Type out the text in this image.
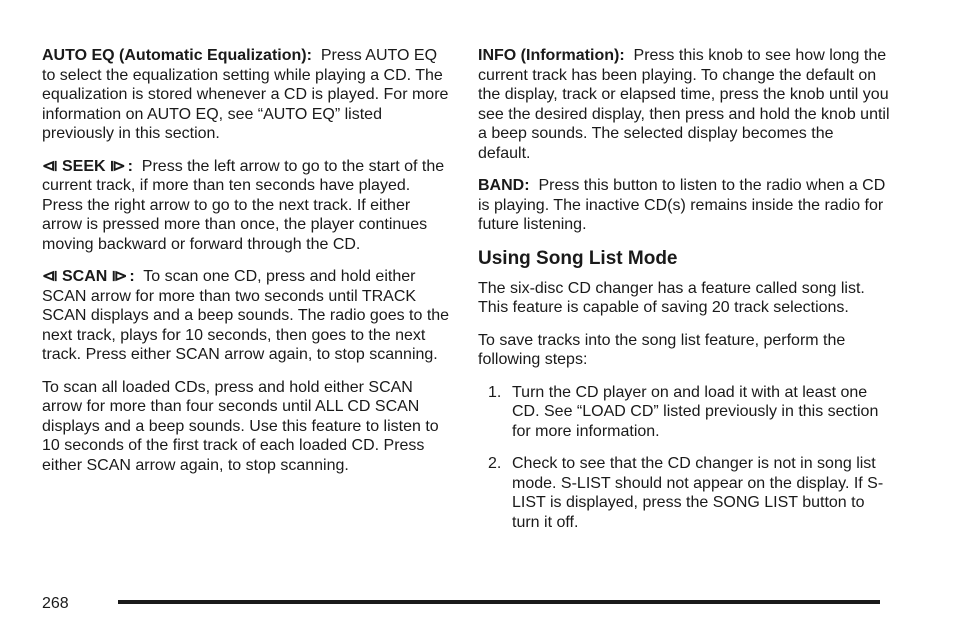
AUTO EQ (Automatic Equalization): Press AUTO EQ to select the equalization setting while playing a CD. The equalization is stored whenever a CD is played. For more information on AUTO EQ, see “AUTO EQ” listed previously in this section.

⧏ SEEK ⧐ : Press the left arrow to go to the start of the current track, if more than ten seconds have played. Press the right arrow to go to the next track. If either arrow is pressed more than once, the player continues moving backward or forward through the CD.

⧏ SCAN ⧐ : To scan one CD, press and hold either SCAN arrow for more than two seconds until TRACK SCAN displays and a beep sounds. The radio goes to the next track, plays for 10 seconds, then goes to the next track. Press either SCAN arrow again, to stop scanning.

To scan all loaded CDs, press and hold either SCAN arrow for more than four seconds until ALL CD SCAN displays and a beep sounds. Use this feature to listen to 10 seconds of the first track of each loaded CD. Press either SCAN arrow again, to stop scanning.

INFO (Information): Press this knob to see how long the current track has been playing. To change the default on the display, track or elapsed time, press the knob until you see the desired display, then press and hold the knob until a beep sounds. The selected display becomes the default.

BAND: Press this button to listen to the radio when a CD is playing. The inactive CD(s) remains inside the radio for future listening.

Using Song List Mode

The six-disc CD changer has a feature called song list. This feature is capable of saving 20 track selections.

To save tracks into the song list feature, perform the following steps:

1. Turn the CD player on and load it with at least one CD. See “LOAD CD” listed previously in this section for more information.
2. Check to see that the CD changer is not in song list mode. S-LIST should not appear on the display. If S-LIST is displayed, press the SONG LIST button to turn it off.
268
